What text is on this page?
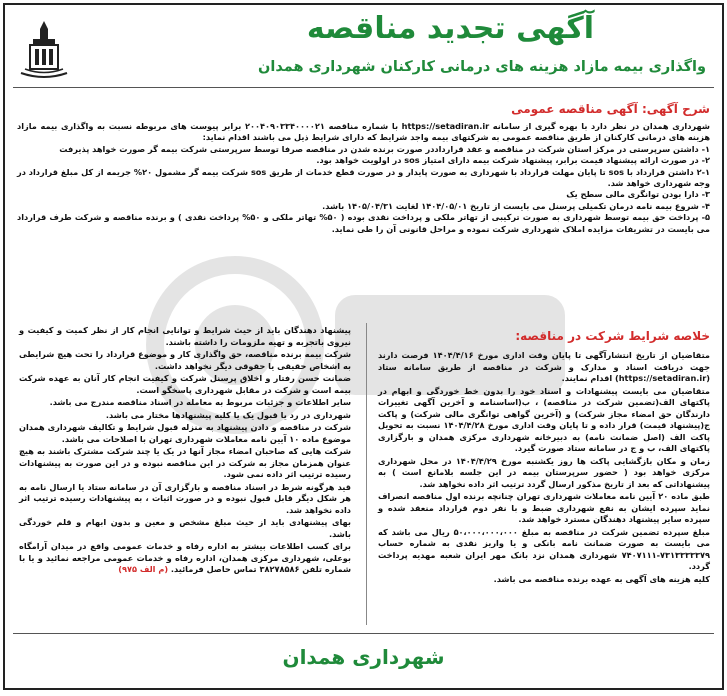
آگهی تجدید مناقصه
واگذاری بیمه مازاد هزینه های درمانی کارکنان شهرداری همدان
شرح آگهی: آگهی مناقصه عمومی

شهرداری همدان در نظر دارد با بهره گیری از سامانه https://setadiran.ir با شماره مناقصه ۲۰۰۴۰۹۰۳۳۴۰۰۰۰۲۱ برابر پیوست های مربوطه نسبت به واگذاری بیمه مازاد هزینه های درمانی کارکنان از طریق مناقصه عمومی به شرکتهای بیمه واجد شرایط که دارای شرایط ذیل می باشند اقدام نماید:

۱- داشتن سرپرستی در مرکز استان شرکت در مناقصه و عقد قرارداددر صورت برنده شدن در مناقصه صرفا توسط سرپرستی شرکت بیمه گر صورت خواهد پذیرفت

۲- در صورت ارائه پیشنهاد قیمت برابر، پیشنهاد شرکت بیمه دارای امتیاز sos در اولویت خواهد بود.

۲-۱ داشتن قرارداد با sos تا پایان مهلت قرارداد با شهرداری به صورت پایدار و در صورت قطع خدمات از طریق sos شرکت بیمه گر مشمول ۲۰% جریمه از کل مبلغ قرارداد در وجه شهرداری خواهد شد.

۳- دارا بودن توانگری مالی سطح یک

۴- شروع بیمه نامه درمان تکمیلی پرسنل می بایست از تاریخ ۱۴۰۴/۰۵/۰۱ لغایت ۱۴۰۵/۰۴/۳۱ باشد.

۵- پرداخت حق بیمه توسط شهرداری به صورت ترکیبی از تهاتر ملکی و پرداخت نقدی بوده ( ۵۰% تهاتر ملکی و ۵۰% پرداخت نقدی ) و برنده مناقصه و شرکت طرف قرارداد می بایست در تشریفات مزایده املاک شهرداری شرکت نموده و مراحل قانونی آن را طی نماید.

خلاصه شرایط شرکت در مناقصه:

متقاضیان از تاریخ انتشارآگهی تا پایان وقت اداری مورخ ۱۴۰۴/۴/۱۶ فرصت دارند جهت دریافت اسناد و مدارک و شرکت در مناقصه از طریق سامانه ستاد (https://setadiran.ir) اقدام نمایند.

متقاضیان می بایست پیشنهادات و اسناد خود را بدون خط خوردگی و ابهام در پاکتهای الف(تضمین شرکت در مناقصه) ، ب(اساسنامه و آخرین آگهی تغییرات دارندگان حق امضاء مجاز شرکت) و (آخرین گواهی توانگری مالی شرکت) و پاکت ج(پیشنهاد قیمت) قرار داده و تا پایان وقت اداری مورخ ۱۴۰۴/۴/۲۸ نسبت به تحویل پاکت الف (اصل ضمانت نامه) به دبیرخانه شهرداری مرکزی همدان و بارگزاری پاکتهای الف، ب و ج در سامانه ستاد صورت گیرد.

زمان و مکان بازگشایی پاکت ها روز یکشنبه مورخ ۱۴۰۴/۴/۲۹ در محل شهرداری مرکزی خواهد بود ( حضور سرپرستان بیمه در این جلسه بلامانع است ) به پیشنهاداتی که بعد از تاریخ مذکور ارسال گردد ترتیب اثر داده نخواهد شد.

طبق ماده ۲۰ آیین نامه معاملات شهرداری تهران چنانچه برنده اول مناقصه انصراف نماید سپرده ایشان به نفع شهرداری ضبط و با نفر دوم قرارداد منعقد شده و سپرده سایر پیشنهاد دهندگان مسترد خواهد شد.

مبلغ سپرده تضمین شرکت در مناقصه به مبلغ ۵۰،۰۰۰،۰۰۰،۰۰۰ ریال می باشد که می بایست به صورت ضمانت نامه بانکی و یا واریز نقدی به شماره حساب ۷۳۱۳۳۳۳۳۷۹-۷۴۰۷۱۱۱ شهرداری همدان نزد بانک مهر ایران شعبه مهدیه پرداخت گردد.

کلیه هزینه های آگهی به عهده برنده مناقصه می باشد.

پیشنهاد دهندگان باید از حیث شرایط و توانایی انجام کار از نظر کمیت و کیفیت و نیروی باتجربه و تهیه ملزومات را داشته باشند.

شرکت بیمه برنده مناقصه، حق واگذاری کار و موضوع قرارداد را تحت هیچ شرایطی به اشخاص حقیقی یا حقوقی دیگر نخواهد داشت.

ضمانت حسن رفتار و اخلاق پرسنل شرکت و کیفیت انجام کار آنان به عهده شرکت بیمه است و شرکت در مقابل شهرداری پاسخگو است.

سایر اطلاعات و جزئیات مربوط به معامله در اسناد مناقصه مندرج می باشد.

شهرداری در رد یا قبول یک یا کلیه پیشنهادها مختار می باشد.

شرکت در مناقصه و دادن پیشنهاد به منزله قبول شرایط و تکالیف شهرداری همدان موضوع ماده ۱۰ آیین نامه معاملات شهرداری تهران با اصلاحات می باشد.

شرکت هایی که صاحبان امضاء مجاز آنها در یک یا چند شرکت مشترک باشند به هیچ عنوان همزمان مجاز به شرکت در این مناقصه نبوده و در این صورت به پیشنهادات رسیده ترتیب اثر داده نمی شود.

قید هرگونه شرط در اسناد مناقصه و بارگزاری آن در سامانه ستاد یا ارسال نامه به هر شکل دیگر قابل قبول نبوده و در صورت اثبات ، به پیشنهادات رسیده ترتیب اثر داده نخواهد شد.

بهای پیشنهادی باید از حیث مبلغ مشخص و معین و بدون ابهام و قلم خوردگی باشد.

برای کسب اطلاعات بیشتر به اداره رفاه و خدمات عمومی واقع در میدان آرامگاه بوعلی، شهرداری مرکزی همدان، اداره رفاه و خدمات عمومی مراجعه نمائید و یا با شماره تلفن ۳۸۲۷۸۵۸۶ تماس حاصل فرمائید. (م الف ۹۷۵)

شهرداری همدان
